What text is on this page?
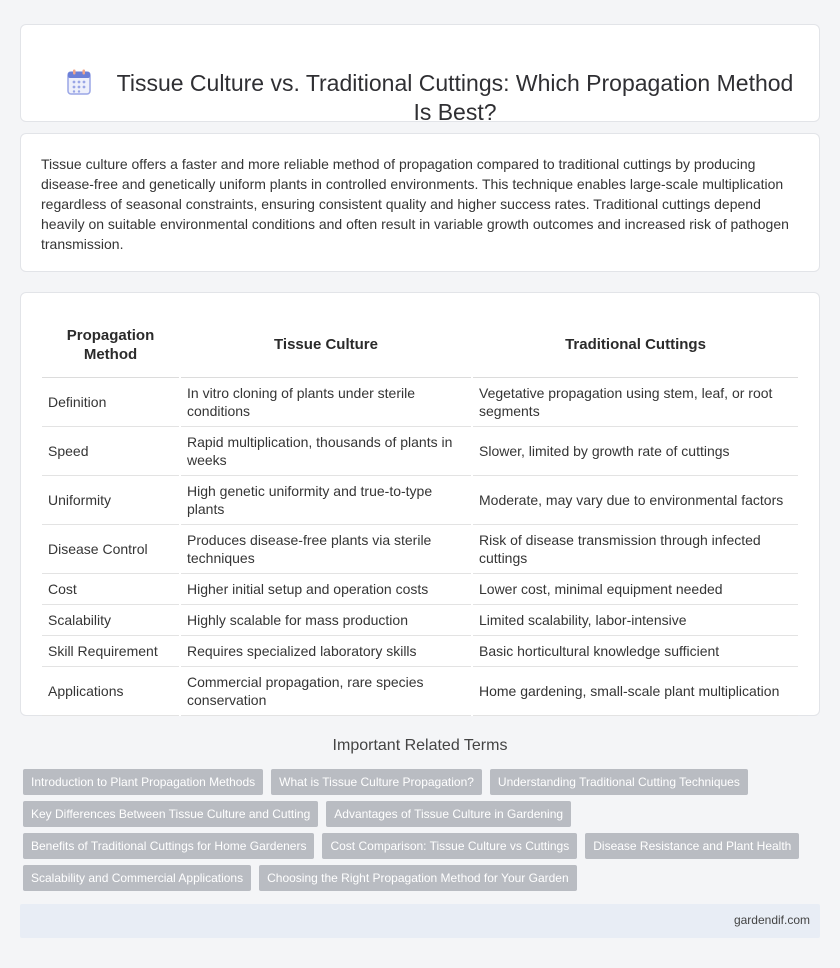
Tissue Culture vs. Traditional Cuttings: Which Propagation Method Is Best?

Tissue culture offers a faster and more reliable method of propagation compared to traditional cuttings by producing disease-free and genetically uniform plants in controlled environments. This technique enables large-scale multiplication regardless of seasonal constraints, ensuring consistent quality and higher success rates. Traditional cuttings depend heavily on suitable environmental conditions and often result in variable growth outcomes and increased risk of pathogen transmission.

Propagation Method	Tissue Culture	Traditional Cuttings
Definition	In vitro cloning of plants under sterile conditions	Vegetative propagation using stem, leaf, or root segments
Speed	Rapid multiplication, thousands of plants in weeks	Slower, limited by growth rate of cuttings
Uniformity	High genetic uniformity and true-to-type plants	Moderate, may vary due to environmental factors
Disease Control	Produces disease-free plants via sterile techniques	Risk of disease transmission through infected cuttings
Cost	Higher initial setup and operation costs	Lower cost, minimal equipment needed
Scalability	Highly scalable for mass production	Limited scalability, labor-intensive
Skill Requirement	Requires specialized laboratory skills	Basic horticultural knowledge sufficient
Applications	Commercial propagation, rare species conservation	Home gardening, small-scale plant multiplication
Important Related Terms
Introduction to Plant Propagation Methods	What is Tissue Culture Propagation?	Understanding Traditional Cutting Techniques
Key Differences Between Tissue Culture and Cutting	Advantages of Tissue Culture in Gardening
Benefits of Traditional Cuttings for Home Gardeners	Cost Comparison: Tissue Culture vs Cuttings	Disease Resistance and Plant Health
Scalability and Commercial Applications	Choosing the Right Propagation Method for Your Garden
gardendif.com
